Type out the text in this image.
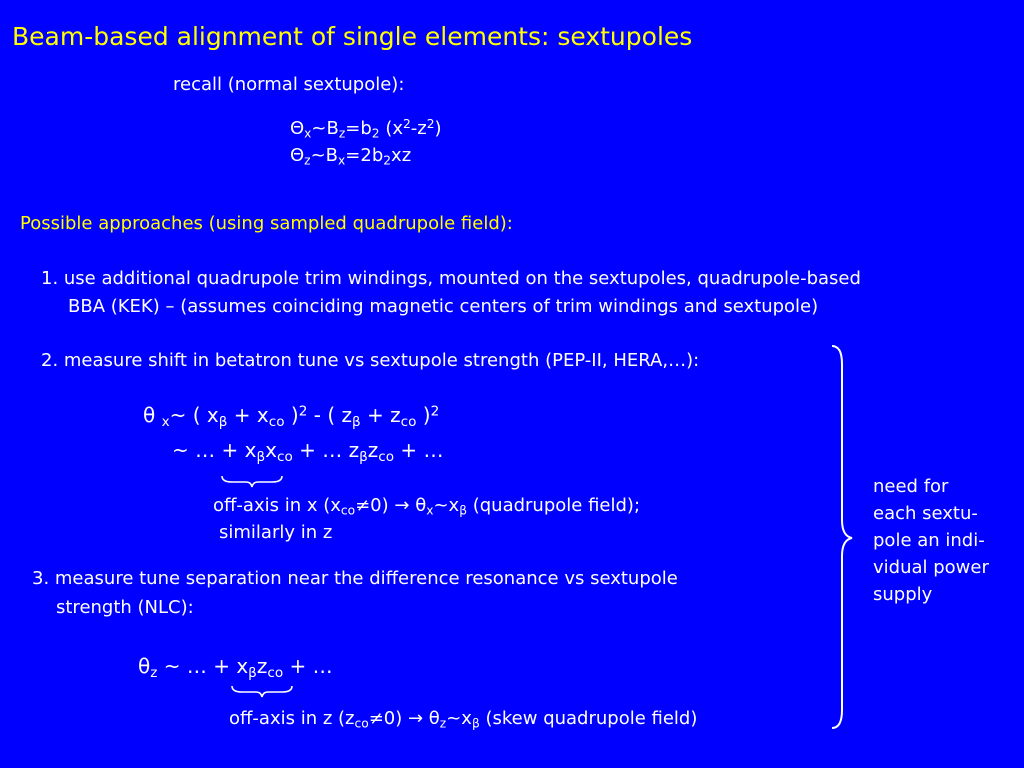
Beam-based alignment of single elements: sextupoles
recall (normal sextupole):
$\Theta_x\sim B_z=b_2$ $(x^2-z^2)$
$\Theta_z\sim B_x=2b_2xz$
Possible approaches (using sampled quadrupole field):
1. use additional quadrupole trim windings, mounted on the sextupoles, quadrupole-based
BBA (KEK) – (assumes coinciding magnetic centers of trim windings and sextupole)
2. measure shift in betatron tune vs sextupole strength (PEP-II, HERA,…):
θ $_x$~ ( $x_\beta + x_{co}$ )$^2$ - ( $z_\beta + z_{co}$ )$^2$
~ … + $x_\beta x_{co}$ + … $z_\beta z_{co}$ + …
off-axis in x $(x_{co}\ne 0)$ → $\theta_x\sim x_\beta$ (quadrupole field);
similarly in z
3. measure tune separation near the difference resonance vs sextupole
strength (NLC):
$\theta_z$ ~ … + $x_\beta z_{co}$ + …
off-axis in z $(z_{co}\ne 0)$ → $\theta_z\sim x_\beta$ (skew quadrupole field)
need for
each sextu-
pole an indi-
vidual power
supply
